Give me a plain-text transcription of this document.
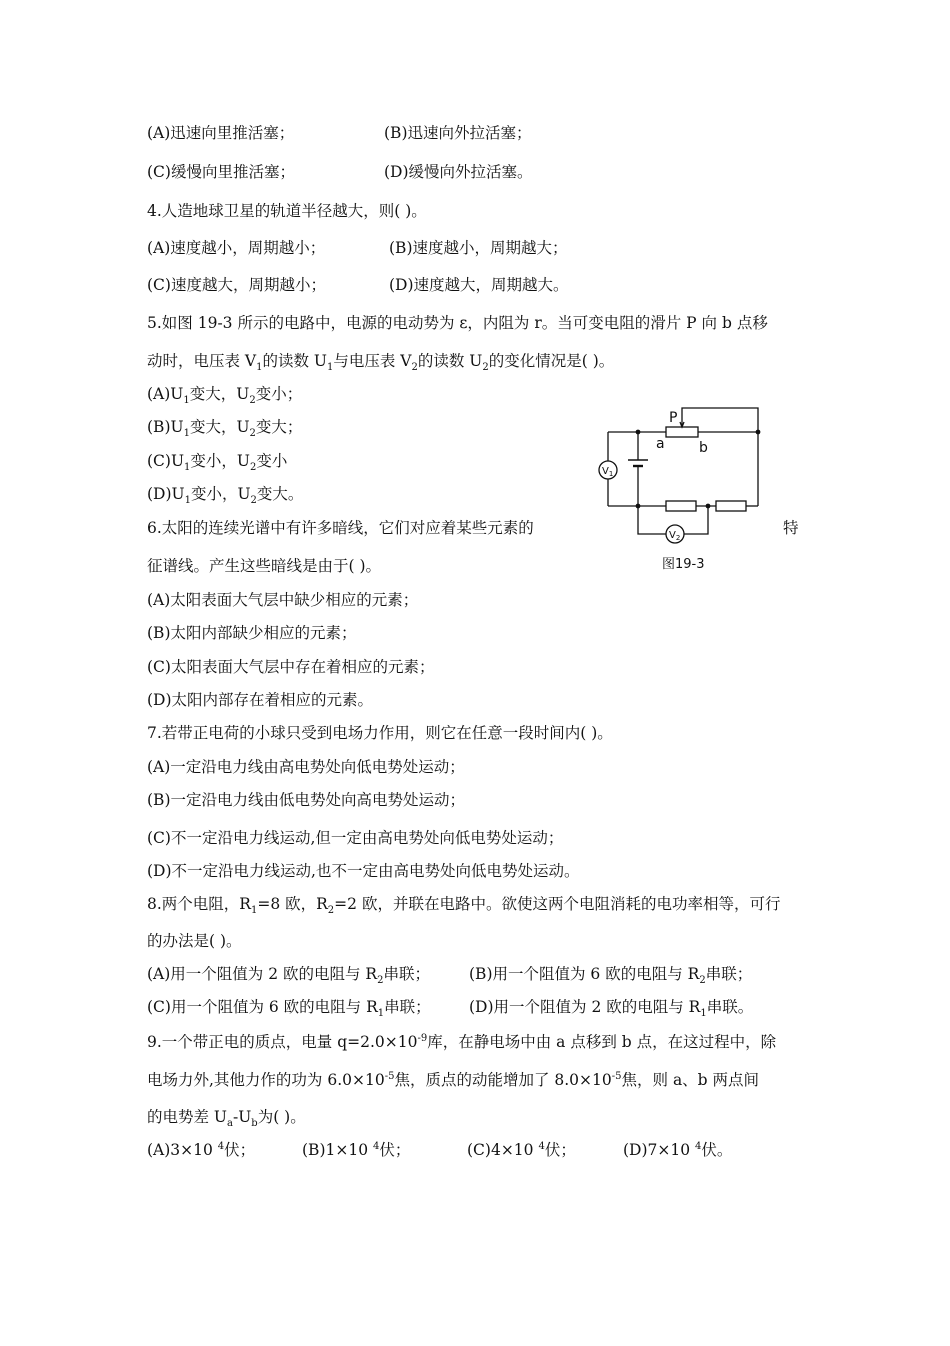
(A)迅速向里推活塞；	(B)迅速向外拉活塞；
(C)缓慢向里推活塞；	(D)缓慢向外拉活塞。
4.人造地球卫星的轨道半径越大，则( )。
(A)速度越小，周期越小；	(B)速度越小，周期越大；
(C)速度越大，周期越小；	(D)速度越大，周期越大。
5.如图 19-3 所示的电路中，电源的电动势为 ε，内阻为 r。当可变电阻的滑片 P 向 b 点移
动时，电压表 $V_1$的读数 $U_1$与电压表 $V_2$的读数 $U_2$的变化情况是( )。
$(A)U_1$变大，$U_2$变小；
$(B)U_1$变大，$U_2$变大；
$(C)U_1$变小，$U_2$变小
$(D)U_1$变小，$U_2$变大。
P
a b
$V_1$
$V_2$
图19-3
6.太阳的连续光谱中有许多暗线，它们对应着某些元素的	特
征谱线。产生这些暗线是由于( )。
(A)太阳表面大气层中缺少相应的元素；
(B)太阳内部缺少相应的元素；
(C)太阳表面大气层中存在着相应的元素；
(D)太阳内部存在着相应的元素。
7.若带正电荷的小球只受到电场力作用，则它在任意一段时间内( )。
(A)一定沿电力线由高电势处向低电势处运动；
(B)一定沿电力线由低电势处向高电势处运动；
(C)不一定沿电力线运动,但一定由高电势处向低电势处运动；
(D)不一定沿电力线运动,也不一定由高电势处向低电势处运动。
8.两个电阻，$R_1=8$ 欧，$R_2=2$ 欧，并联在电路中。欲使这两个电阻消耗的电功率相等，可行
的办法是( )。
(A)用一个阻值为 2 欧的电阻与 $R_2$串联；	(B)用一个阻值为 6 欧的电阻与 $R_2$串联；
(C)用一个阻值为 6 欧的电阻与 $R_1$串联； (D)用一个阻值为 2 欧的电阻与 $R_1$串联。
9.一个带正电的质点，电量 $q=2.0\times 10^{-9}$库，在静电场中由 a 点移到 b 点，在这过程中，除
电场力外,其他力作的功为 $6.0\times 10^{-5}$焦，质点的动能增加了 $8.0\times 10^{-5}$焦，则 a、b 两点间
的电势差 $U_a-U_b$为( )。
(A)3×10 $^4$伏；	(B)1×10 $^4$伏；	(C)4×10 $^4$伏；	(D)7×10 $^4$伏。
